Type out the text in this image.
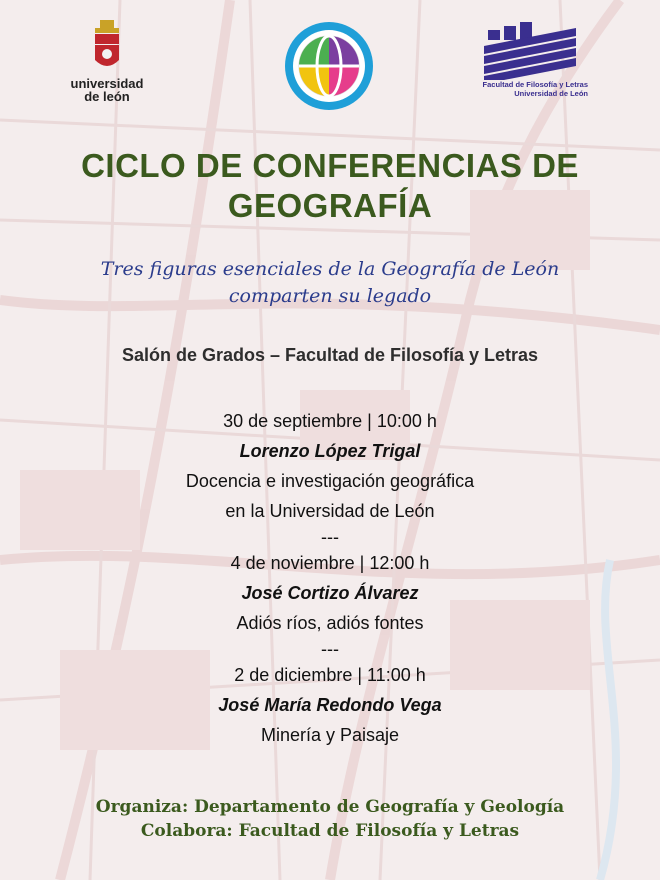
universidad
de león
Facultad de Filosofía y Letras
Universidad de León
CICLO DE CONFERENCIAS DE
GEOGRAFÍA
Tres figuras esenciales de la Geografía de León
comparten su legado
Salón de Grados – Facultad de Filosofía y Letras
30 de septiembre | 10:00 h
Lorenzo López Trigal
Docencia e investigación geográfica
en la Universidad de León
---
4 de noviembre | 12:00 h
José Cortizo Álvarez
Adiós ríos, adiós fontes
---
2 de diciembre | 11:00 h
José María Redondo Vega
Minería y Paisaje
Organiza: Departamento de Geografía y Geología
Colabora: Facultad de Filosofía y Letras
